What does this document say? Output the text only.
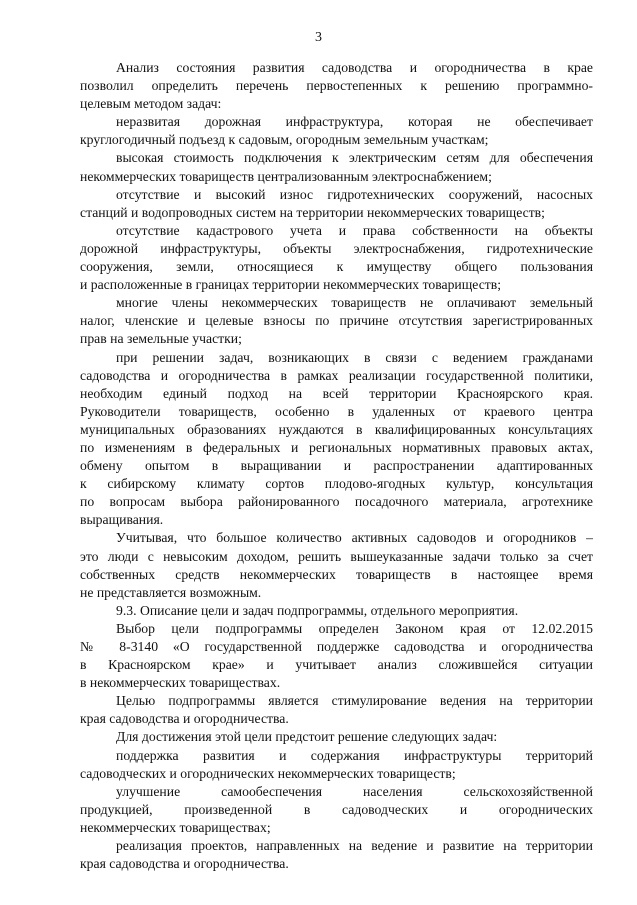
3
Анализ состояния развития садоводства и огородничества в крае
позволил определить перечень первостепенных к решению программно-
целевым методом задач:
неразвитая дорожная инфраструктура, которая не обеспечивает
круглогодичный подъезд к садовым, огородным земельным участкам;
высокая стоимость подключения к электрическим сетям для обеспечения
некоммерческих товариществ централизованным электроснабжением;
отсутствие и высокий износ гидротехнических сооружений, насосных
станций и водопроводных систем на территории некоммерческих товариществ;
отсутствие кадастрового учета и права собственности на объекты
дорожной инфраструктуры, объекты электроснабжения, гидротехнические
сооружения, земли, относящиеся к имуществу общего пользования
и расположенные в границах территории некоммерческих товариществ;
многие члены некоммерческих товариществ не оплачивают земельный
налог, членские и целевые взносы по причине отсутствия зарегистрированных
прав на земельные участки;
при решении задач, возникающих в связи с ведением гражданами
садоводства и огородничества в рамках реализации государственной политики,
необходим единый подход на всей территории Красноярского края.
Руководители товариществ, особенно в удаленных от краевого центра
муниципальных образованиях нуждаются в квалифицированных консультациях
по изменениям в федеральных и региональных нормативных правовых актах,
обмену опытом в выращивании и распространении адаптированных
к сибирскому климату сортов плодово-ягодных культур, консультация
по вопросам выбора районированного посадочного материала, агротехнике
выращивания.
Учитывая, что большое количество активных садоводов и огородников –
это люди с невысоким доходом, решить вышеуказанные задачи только за счет
собственных средств некоммерческих товариществ в настоящее время
не представляется возможным.
9.3. Описание цели и задач подпрограммы, отдельного мероприятия.
Выбор цели подпрограммы определен Законом края от 12.02.2015
№ 8-3140 «О государственной поддержке садоводства и огородничества
в Красноярском крае» и учитывает анализ сложившейся ситуации
в некоммерческих товариществах.
Целью подпрограммы является стимулирование ведения на территории
края садоводства и огородничества.
Для достижения этой цели предстоит решение следующих задач:
поддержка развития и содержания инфраструктуры территорий
садоводческих и огороднических некоммерческих товариществ;
улучшение самообеспечения населения сельскохозяйственной
продукцией, произведенной в садоводческих и огороднических
некоммерческих товариществах;
реализация проектов, направленных на ведение и развитие на территории
края садоводства и огородничества.
